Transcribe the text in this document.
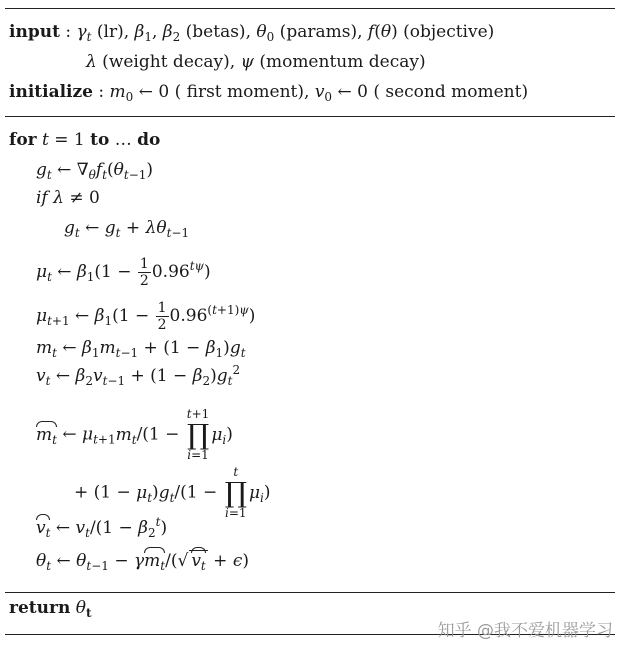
input : $\gamma_t$ (lr), $\beta_1$, $\beta_2$ (betas), $\theta_0$ (params), f(θ) (objective)
λ (weight decay), ψ (momentum decay)
initialize : $m_0$ ← 0 ( first moment), $v_0$ ← 0 ( second moment)
for t = 1 to … do
$g_t$ ← $\nabla_\theta f_t(\theta_{t-1})$
if λ ≠ 0
$g_t$ ← $g_t + \lambda\theta_{t-1}$
$\mu_t$ ← $\beta_1(1 - \frac{1}{2} 0.96^{t\psi})$
$\mu_{t+1}$ ← $\beta_1(1 - \frac{1}{2} 0.96^{(t+1)\psi})$
$m_t$ ← $\beta_1m_{t-1} + (1 - \beta_1)g_t$
$v_t$ ← $\beta_2v_{t-1} + (1 - \beta_2)g_t^2$
$m_t$ ← $\mu_{t+1}m_t/(1$ −
t+1
∏
i=1
$\mu_i$)
+ $(1 - \mu_t)g_t/(1$ −
t
∏
i=1
$\mu_i$)
$v_t$ ← $v_t/(1 - \beta_2^t)$
$\theta_t$ ← $\theta_{t-1} - \gamma m_t/(√$ $v_t + \epsilon$)
return $\theta_t$
知乎 @我不爱机器学习
